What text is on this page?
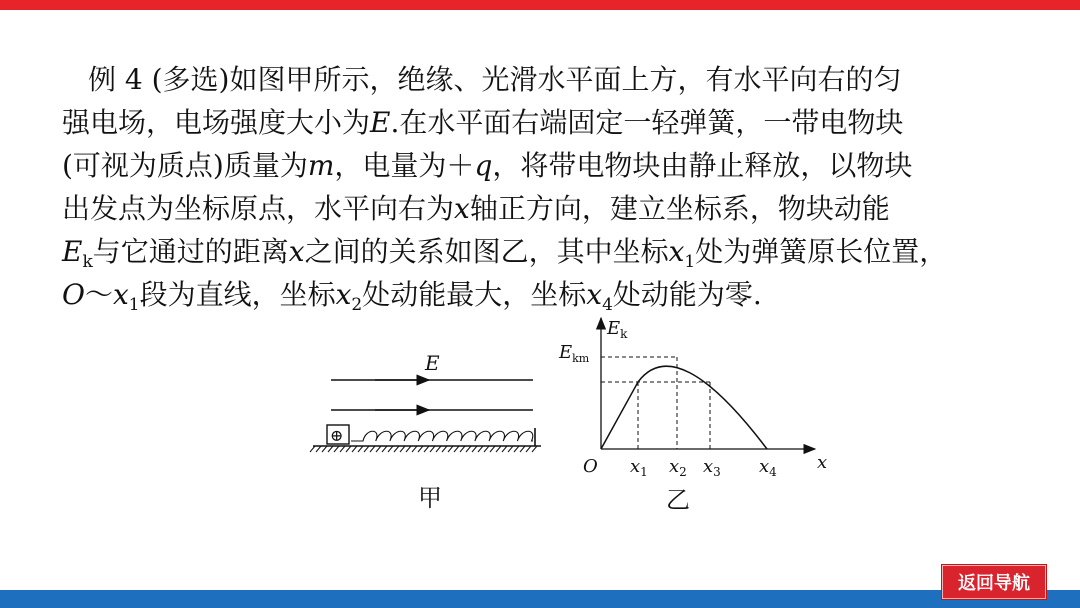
例 4 (多选)如图甲所示，绝缘、光滑水平面上方，有水平向右的匀

强电场，电场强度大小为E.在水平面右端固定一轻弹簧，一带电物块

(可视为质点)质量为m，电量为＋q，将带电物块由静止释放，以物块

出发点为坐标原点，水平向右为x轴正方向，建立坐标系，物块动能

$E_k$与它通过的距离x之间的关系如图乙，其中坐标$x_1$处为弹簧原长位置，

$O\sim x_1$段为直线，坐标$x_2$处动能最大，坐标$x_4$处动能为零.

E
⊕
甲
$E_k$
$E_{km}$
O $x_1$ $x_2$ $x_3$ $x_4$ x
乙
返回导航
